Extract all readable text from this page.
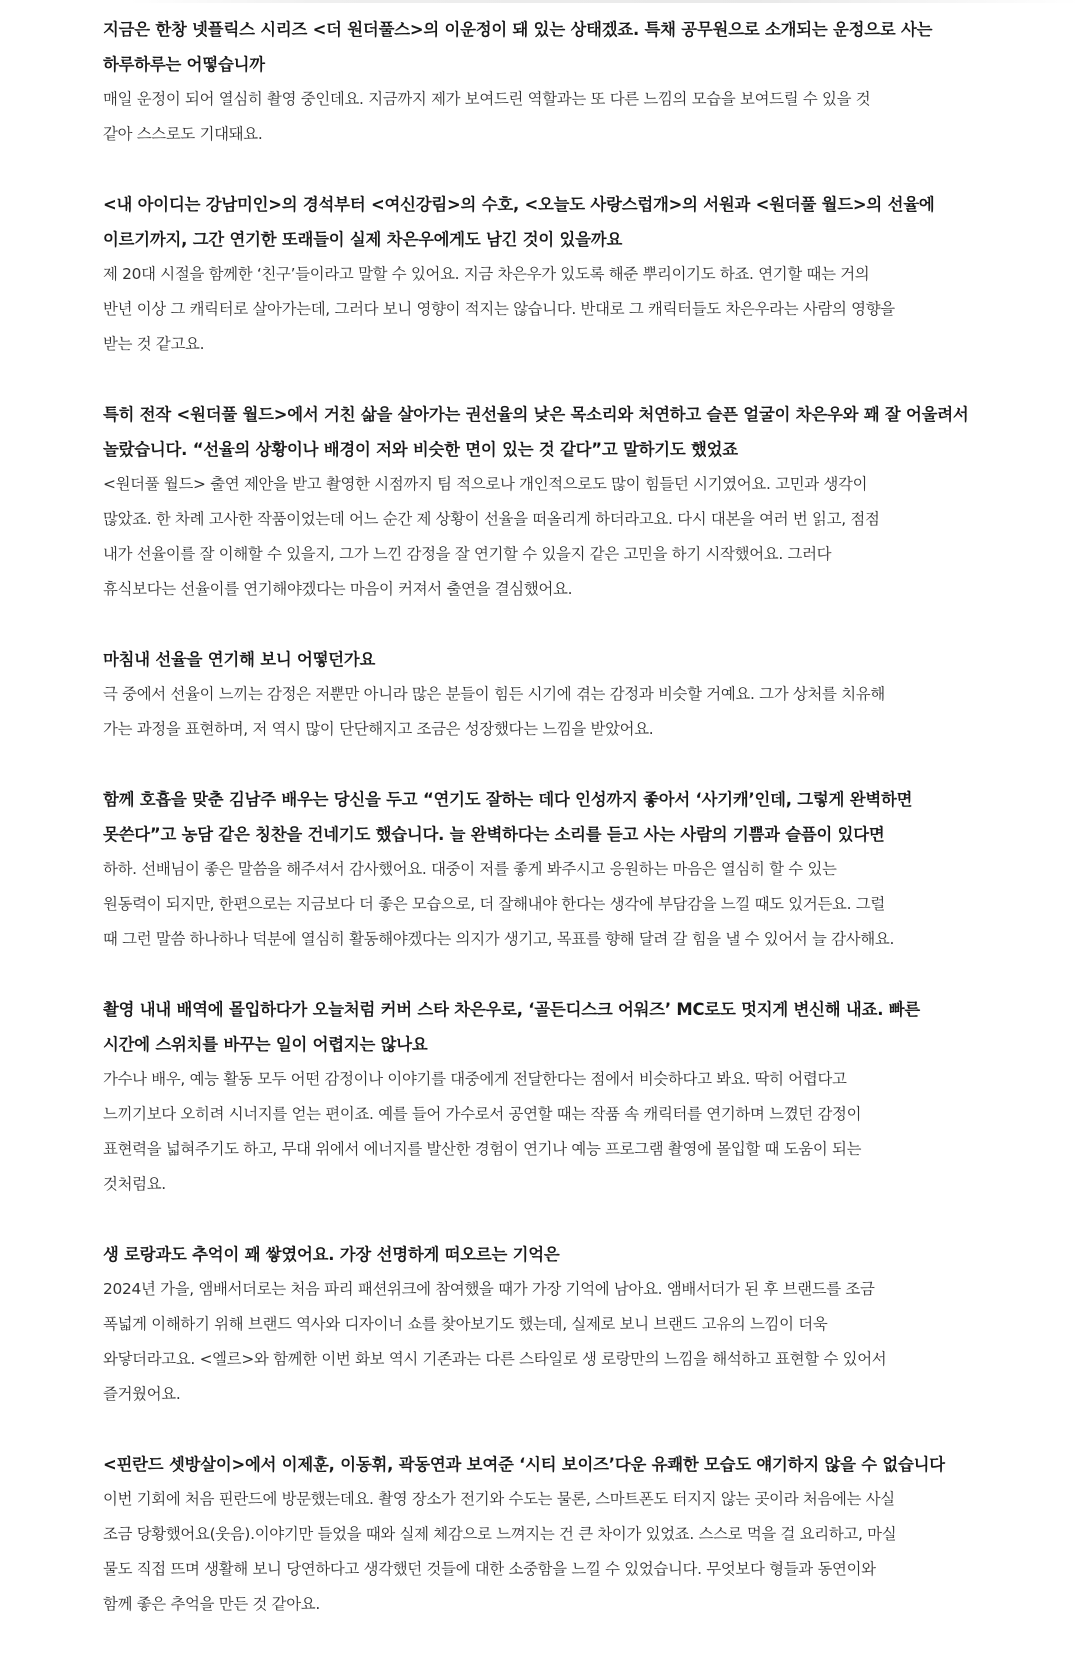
지금은 한창 넷플릭스 시리즈 <더 원더풀스>의 이운정이 돼 있는 상태겠죠. 특채 공무원으로 소개되는 운정으로 사는
하루하루는 어떻습니까

매일 운정이 되어 열심히 촬영 중인데요. 지금까지 제가 보여드린 역할과는 또 다른 느낌의 모습을 보여드릴 수 있을 것
같아 스스로도 기대돼요.

<내 아이디는 강남미인>의 경석부터 <여신강림>의 수호, <오늘도 사랑스럽개>의 서원과 <원더풀 월드>의 선율에
이르기까지, 그간 연기한 또래들이 실제 차은우에게도 남긴 것이 있을까요

제 20대 시절을 함께한 ‘친구’들이라고 말할 수 있어요. 지금 차은우가 있도록 해준 뿌리이기도 하죠. 연기할 때는 거의
반년 이상 그 캐릭터로 살아가는데, 그러다 보니 영향이 적지는 않습니다. 반대로 그 캐릭터들도 차은우라는 사람의 영향을
받는 것 같고요.

특히 전작 <원더풀 월드>에서 거친 삶을 살아가는 권선율의 낮은 목소리와 처연하고 슬픈 얼굴이 차은우와 꽤 잘 어울려서
놀랐습니다. “선율의 상황이나 배경이 저와 비슷한 면이 있는 것 같다”고 말하기도 했었죠

<원더풀 월드> 출연 제안을 받고 촬영한 시점까지 팀 적으로나 개인적으로도 많이 힘들던 시기였어요. 고민과 생각이
많았죠. 한 차례 고사한 작품이었는데 어느 순간 제 상황이 선율을 떠올리게 하더라고요. 다시 대본을 여러 번 읽고, 점점
내가 선율이를 잘 이해할 수 있을지, 그가 느낀 감정을 잘 연기할 수 있을지 같은 고민을 하기 시작했어요. 그러다
휴식보다는 선율이를 연기해야겠다는 마음이 커져서 출연을 결심했어요.

마침내 선율을 연기해 보니 어떻던가요

극 중에서 선율이 느끼는 감정은 저뿐만 아니라 많은 분들이 힘든 시기에 겪는 감정과 비슷할 거예요. 그가 상처를 치유해
가는 과정을 표현하며, 저 역시 많이 단단해지고 조금은 성장했다는 느낌을 받았어요.

함께 호흡을 맞춘 김남주 배우는 당신을 두고 “연기도 잘하는 데다 인성까지 좋아서 ‘사기캐’인데, 그렇게 완벽하면
못쓴다”고 농담 같은 칭찬을 건네기도 했습니다. 늘 완벽하다는 소리를 듣고 사는 사람의 기쁨과 슬픔이 있다면

하하. 선배님이 좋은 말씀을 해주셔서 감사했어요. 대중이 저를 좋게 봐주시고 응원하는 마음은 열심히 할 수 있는
원동력이 되지만, 한편으로는 지금보다 더 좋은 모습으로, 더 잘해내야 한다는 생각에 부담감을 느낄 때도 있거든요. 그럴
때 그런 말씀 하나하나 덕분에 열심히 활동해야겠다는 의지가 생기고, 목표를 향해 달려 갈 힘을 낼 수 있어서 늘 감사해요.

촬영 내내 배역에 몰입하다가 오늘처럼 커버 스타 차은우로, ‘골든디스크 어워즈’ MC로도 멋지게 변신해 내죠. 빠른
시간에 스위치를 바꾸는 일이 어렵지는 않나요

가수나 배우, 예능 활동 모두 어떤 감정이나 이야기를 대중에게 전달한다는 점에서 비슷하다고 봐요. 딱히 어렵다고
느끼기보다 오히려 시너지를 얻는 편이죠. 예를 들어 가수로서 공연할 때는 작품 속 캐릭터를 연기하며 느꼈던 감정이
표현력을 넓혀주기도 하고, 무대 위에서 에너지를 발산한 경험이 연기나 예능 프로그램 촬영에 몰입할 때 도움이 되는
것처럼요.

생 로랑과도 추억이 꽤 쌓였어요. 가장 선명하게 떠오르는 기억은

2024년 가을, 앰배서더로는 처음 파리 패션위크에 참여했을 때가 가장 기억에 남아요. 앰배서더가 된 후 브랜드를 조금
폭넓게 이해하기 위해 브랜드 역사와 디자이너 쇼를 찾아보기도 했는데, 실제로 보니 브랜드 고유의 느낌이 더욱
와닿더라고요. <엘르>와 함께한 이번 화보 역시 기존과는 다른 스타일로 생 로랑만의 느낌을 해석하고 표현할 수 있어서
즐거웠어요.

<핀란드 셋방살이>에서 이제훈, 이동휘, 곽동연과 보여준 ‘시티 보이즈’다운 유쾌한 모습도 얘기하지 않을 수 없습니다

이번 기회에 처음 핀란드에 방문했는데요. 촬영 장소가 전기와 수도는 물론, 스마트폰도 터지지 않는 곳이라 처음에는 사실
조금 당황했어요(웃음).이야기만 들었을 때와 실제 체감으로 느껴지는 건 큰 차이가 있었죠. 스스로 먹을 걸 요리하고, 마실
물도 직접 뜨며 생활해 보니 당연하다고 생각했던 것들에 대한 소중함을 느낄 수 있었습니다. 무엇보다 형들과 동연이와
함께 좋은 추억을 만든 것 같아요.
